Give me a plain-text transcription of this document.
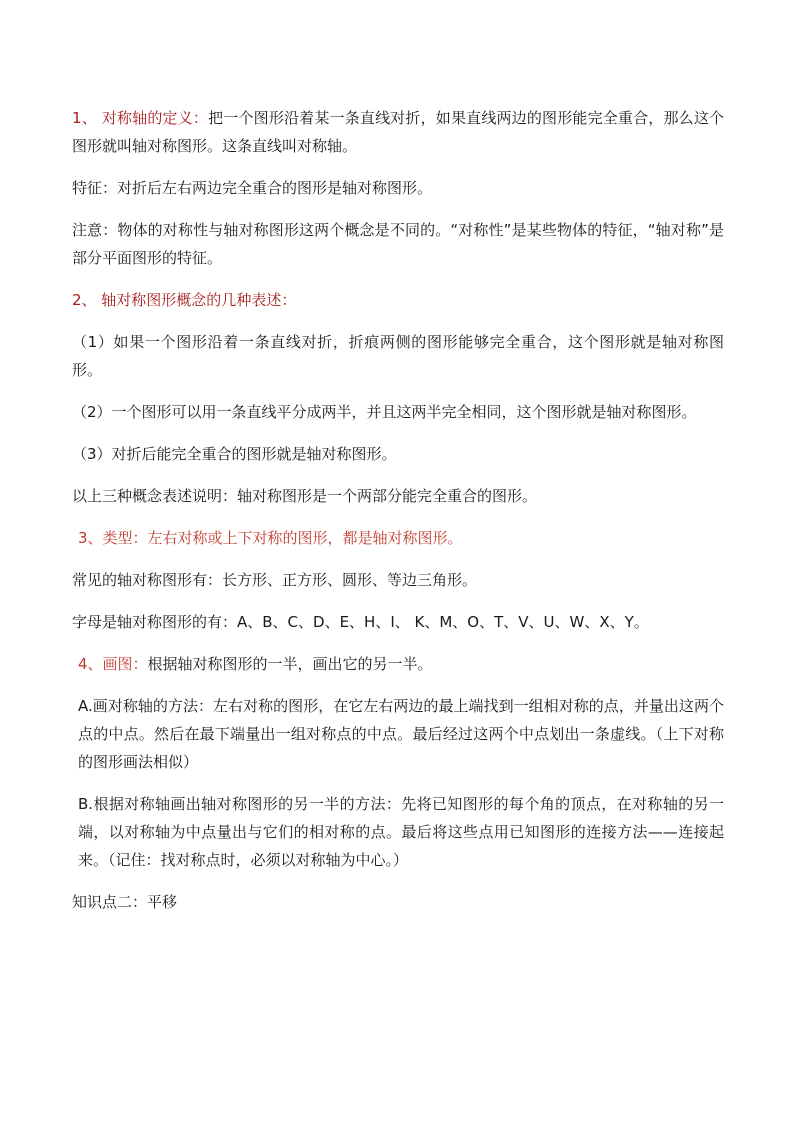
1、 对称轴的定义：把一个图形沿着某一条直线对折，如果直线两边的图形能完全重合，那么这个图形就叫轴对称图形。这条直线叫对称轴。

特征：对折后左右两边完全重合的图形是轴对称图形。

注意：物体的对称性与轴对称图形这两个概念是不同的。“对称性”是某些物体的特征，“轴对称”是部分平面图形的特征。

2、 轴对称图形概念的几种表述：

（1）如果一个图形沿着一条直线对折，折痕两侧的图形能够完全重合，这个图形就是轴对称图形。

（2）一个图形可以用一条直线平分成两半，并且这两半完全相同，这个图形就是轴对称图形。

（3）对折后能完全重合的图形就是轴对称图形。

以上三种概念表述说明：轴对称图形是一个两部分能完全重合的图形。

3、类型：左右对称或上下对称的图形，都是轴对称图形。

常见的轴对称图形有：长方形、正方形、圆形、等边三角形。

字母是轴对称图形的有：A、B、C、D、E、H、I、 K、M、O、T、V、U、W、X、Y。

4、画图：根据轴对称图形的一半，画出它的另一半。

A.画对称轴的方法：左右对称的图形，在它左右两边的最上端找到一组相对称的点，并量出这两个点的中点。然后在最下端量出一组对称点的中点。最后经过这两个中点划出一条虚线。（上下对称的图形画法相似）

B.根据对称轴画出轴对称图形的另一半的方法：先将已知图形的每个角的顶点，在对称轴的另一端，以对称轴为中点量出与它们的相对称的点。最后将这些点用已知图形的连接方法——连接起来。（记住：找对称点时，必须以对称轴为中心。）

知识点二：平移
